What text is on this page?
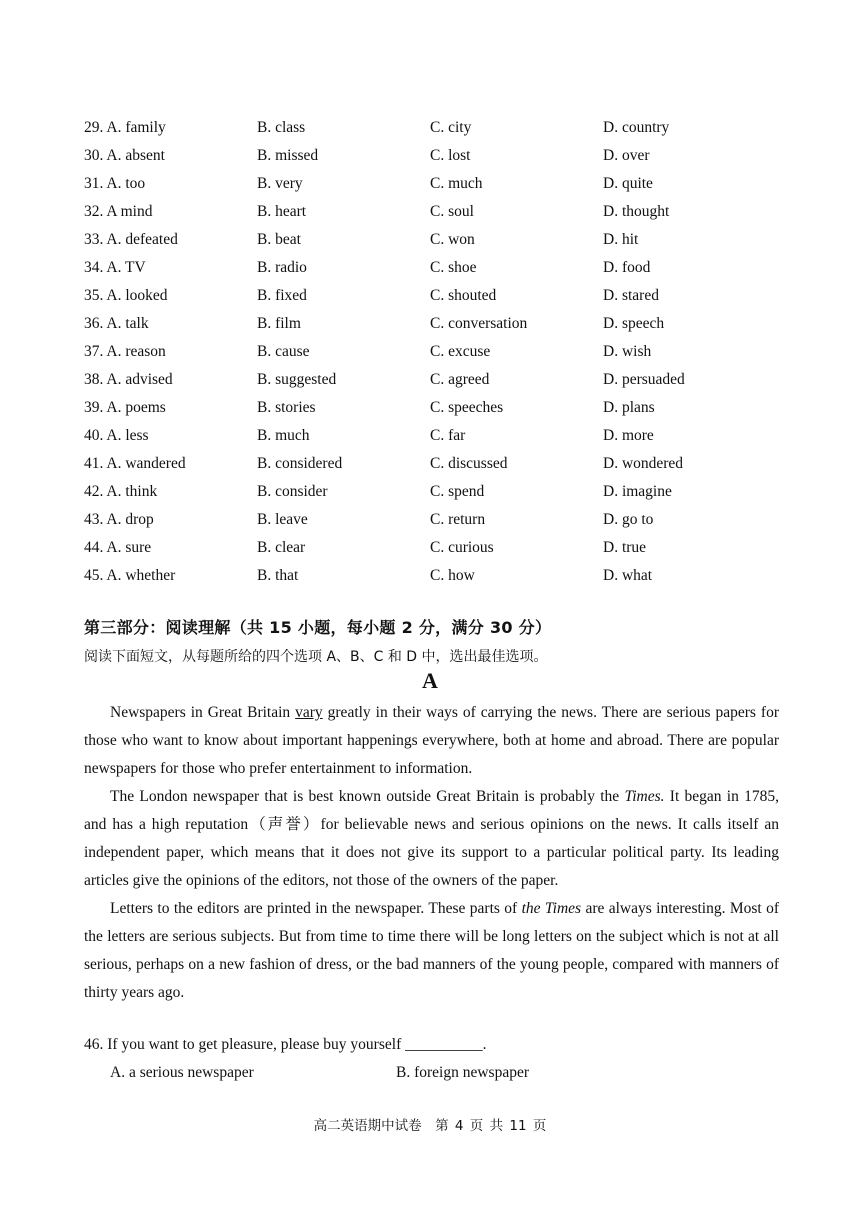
29. A. family	B. class	C. city	D. country
30. A. absent	B. missed	C. lost	D. over
31. A. too	B. very	C. much	D. quite
32. A mind	B. heart	C. soul	D. thought
33. A. defeated	B. beat	C. won	D. hit
34. A. TV	B. radio	C. shoe	D. food
35. A. looked	B. fixed	C. shouted	D. stared
36. A. talk	B. film	C. conversation	D. speech
37. A. reason	B. cause	C. excuse	D. wish
38. A. advised	B. suggested	C. agreed	D. persuaded
39. A. poems	B. stories	C. speeches	D. plans
40. A. less	B. much	C. far	D. more
41. A. wandered	B. considered	C. discussed	D. wondered
42. A. think	B. consider	C. spend	D. imagine
43. A. drop	B. leave	C. return	D. go to
44. A. sure	B. clear	C. curious	D. true
45. A. whether	B. that	C. how	D. what
第三部分：阅读理解（共 15 小题，每小题 2 分，满分 30 分）
阅读下面短文，从每题所给的四个选项 A、B、C 和 D 中，选出最佳选项。
A

Newspapers in Great Britain vary greatly in their ways of carrying the news. There are serious papers for those who want to know about important happenings everywhere, both at home and abroad. There are popular newspapers for those who prefer entertainment to information.

The London newspaper that is best known outside Great Britain is probably the Times. It began in 1785, and has a high reputation（声誉）for believable news and serious opinions on the news. It calls itself an independent paper, which means that it does not give its support to a particular political party. Its leading articles give the opinions of the editors, not those of the owners of the paper.

Letters to the editors are printed in the newspaper. These parts of the Times are always interesting. Most of the letters are serious subjects. But from time to time there will be long letters on the subject which is not at all serious, perhaps on a new fashion of dress, or the bad manners of the young people, compared with manners of thirty years ago.

46. If you want to get pleasure, please buy yourself __________.
A. a serious newspaper	B. foreign newspaper
高二英语期中试卷　第 4 页 共 11 页
